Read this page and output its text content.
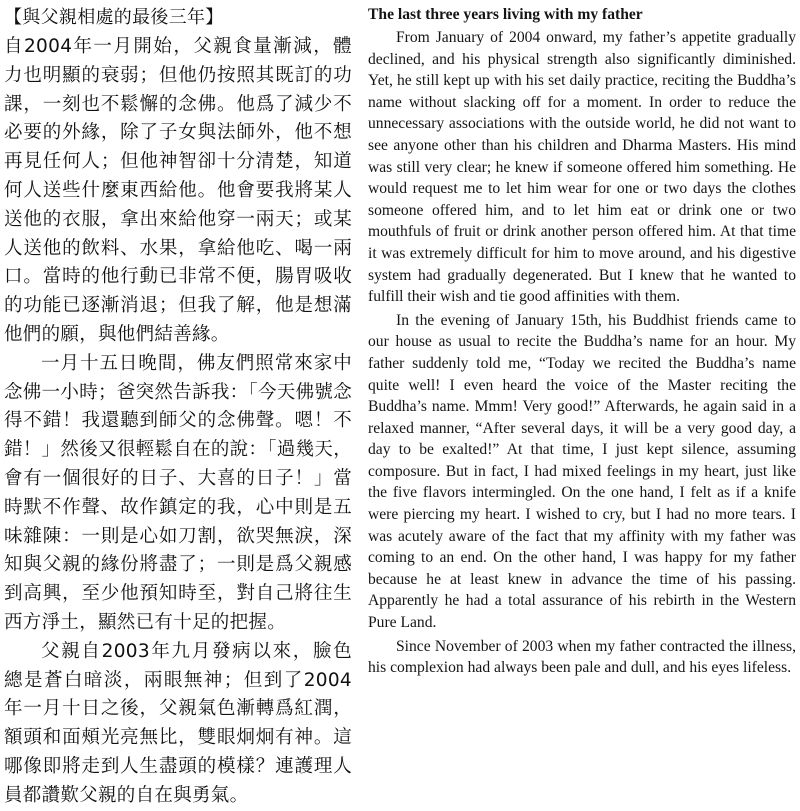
【與父親相處的最後三年】

自2004年一月開始，父親食量漸減，體力也明顯的衰弱；但他仍按照其既訂的功課，一刻也不鬆懈的念佛。他爲了減少不必要的外緣，除了子女與法師外，他不想再見任何人；但他神智卻十分清楚，知道何人送些什麼東西給他。他會要我將某人送他的衣服，拿出來給他穿一兩天；或某人送他的飲料、水果，拿給他吃、喝一兩口。當時的他行動已非常不便，腸胃吸收的功能已逐漸消退；但我了解，他是想滿他們的願，與他們結善緣。

一月十五日晚間，佛友們照常來家中念佛一小時；爸突然告訴我：「今天佛號念得不錯！我還聽到師父的念佛聲。嗯！不錯！」然後又很輕鬆自在的說：「過幾天，會有一個很好的日子、大喜的日子！」當時默不作聲、故作鎮定的我，心中則是五味雜陳：一則是心如刀割，欲哭無淚，深知與父親的緣份將盡了；一則是爲父親感到高興，至少他預知時至，對自己將往生西方淨土，顯然已有十足的把握。

父親自2003年九月發病以來，臉色總是蒼白暗淡，兩眼無神；但到了2004年一月十日之後，父親氣色漸轉爲紅潤，額頭和面頰光亮無比，雙眼炯炯有神。這哪像即將走到人生盡頭的模樣？連護理人員都讚歎父親的自在與勇氣。

The last three years living with my father

From January of 2004 onward, my father’s appetite gradually declined, and his physical strength also significantly diminished. Yet, he still kept up with his set daily practice, reciting the Buddha’s name without slacking off for a moment. In order to reduce the unnecessary associations with the outside world, he did not want to see anyone other than his children and Dharma Masters. His mind was still very clear; he knew if someone offered him something. He would request me to let him wear for one or two days the clothes someone offered him, and to let him eat or drink one or two mouthfuls of fruit or drink another person offered him. At that time it was extremely difficult for him to move around, and his digestive system had gradually degenerated. But I knew that he wanted to fulfill their wish and tie good affinities with them.

In the evening of January 15th, his Buddhist friends came to our house as usual to recite the Buddha’s name for an hour. My father suddenly told me, “Today we recited the Buddha’s name quite well! I even heard the voice of the Master reciting the Buddha’s name. Mmm! Very good!” Afterwards, he again said in a relaxed manner, “After several days, it will be a very good day, a day to be exalted!” At that time, I just kept silence, assuming composure. But in fact, I had mixed feelings in my heart, just like the five flavors intermingled. On the one hand, I felt as if a knife were piercing my heart. I wished to cry, but I had no more tears. I was acutely aware of the fact that my affinity with my father was coming to an end. On the other hand, I was happy for my father because he at least knew in advance the time of his passing. Apparently he had a total assurance of his rebirth in the Western Pure Land.

Since November of 2003 when my father contracted the illness, his complexion had always been pale and dull, and his eyes lifeless.
